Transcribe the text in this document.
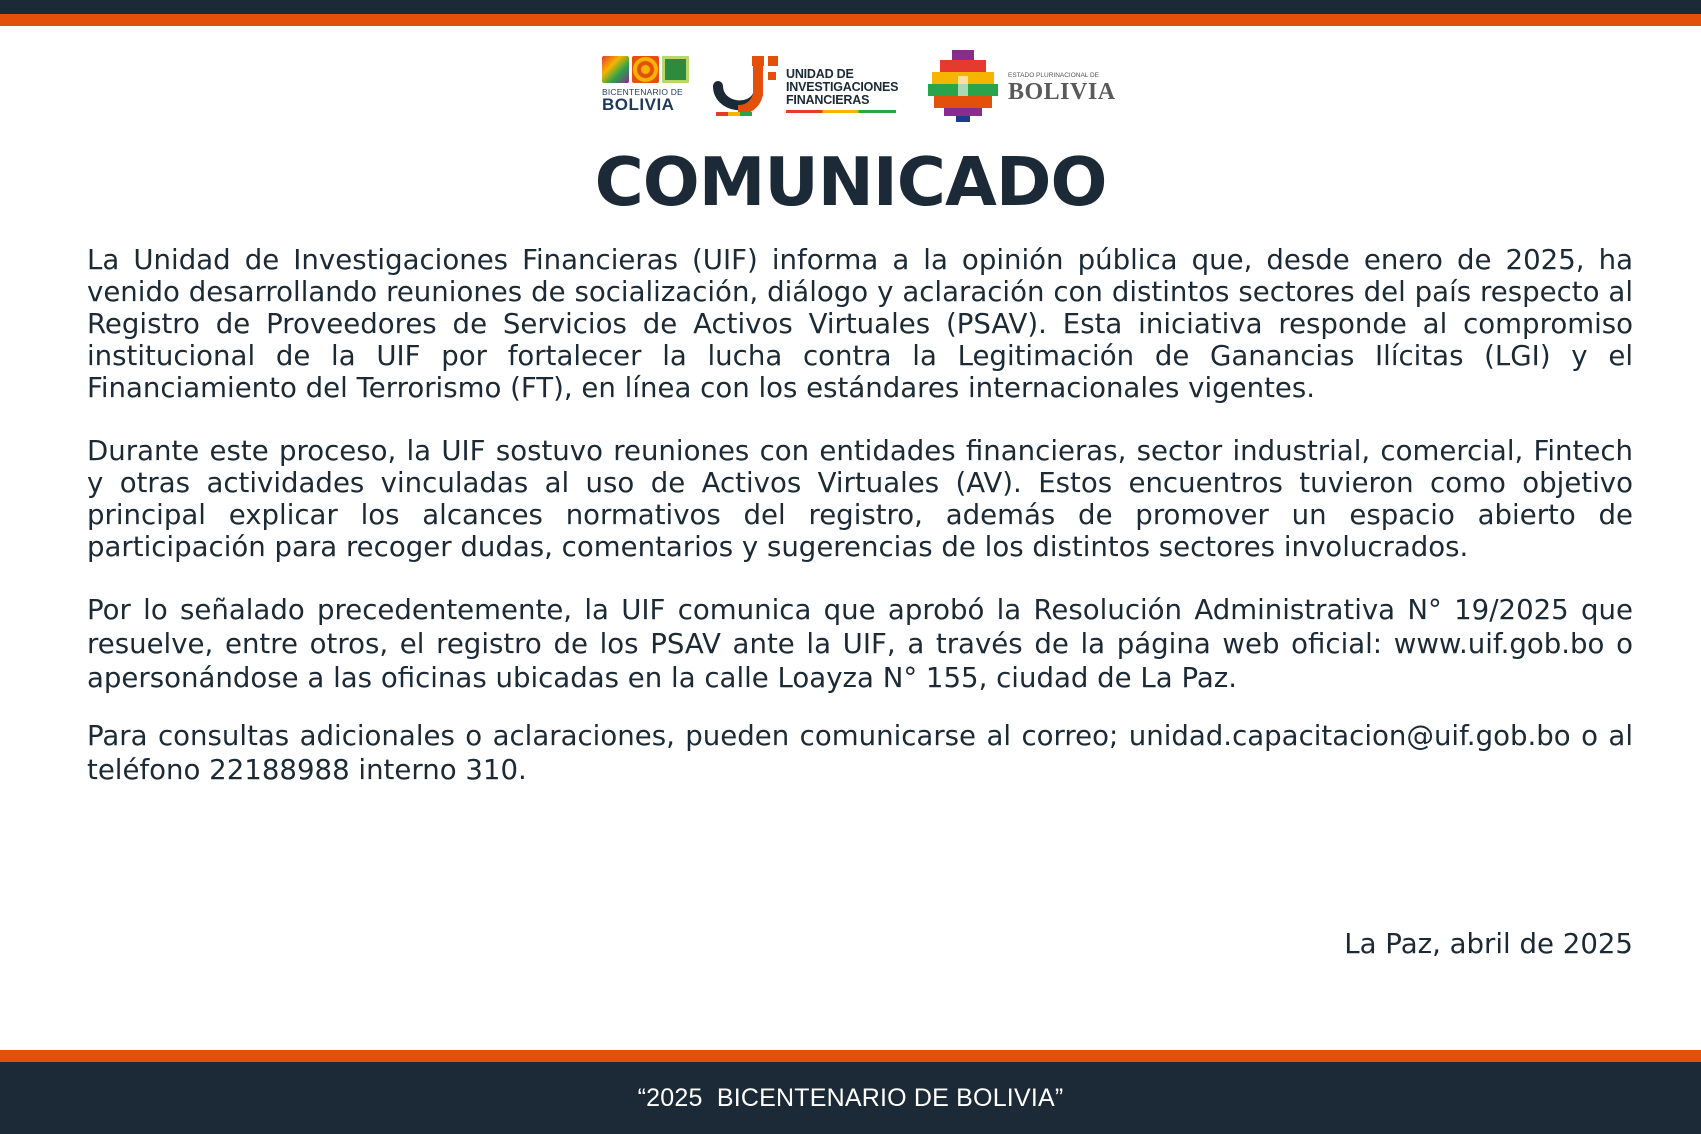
BICENTENARIO DE
BOLIVIA
UNIDAD DE
INVESTIGACIONES
FINANCIERAS
ESTADO PLURINACIONAL DE
BOLIVIA
COMUNICADO

La Unidad de Investigaciones Financieras (UIF) informa a la opinión pública que, desde enero de 2025, ha venido desarrollando reuniones de socialización, diálogo y aclaración con distintos sectores del país respecto al Registro de Proveedores de Servicios de Activos Virtuales (PSAV). Esta iniciativa responde al compromiso institucional de la UIF por fortalecer la lucha contra la Legitimación de Ganancias Ilícitas (LGI) y el Financiamiento del Terrorismo (FT), en línea con los estándares internacionales vigentes.

Durante este proceso, la UIF sostuvo reuniones con entidades financieras, sector industrial, comercial, Fintech y otras actividades vinculadas al uso de Activos Virtuales (AV). Estos encuentros tuvieron como objetivo principal explicar los alcances normativos del registro, además de promover un espacio abierto de participación para recoger dudas, comentarios y sugerencias de los distintos sectores involucrados.

Por lo señalado precedentemente, la UIF comunica que aprobó la Resolución Administrativa N° 19/2025 que resuelve, entre otros, el registro de los PSAV ante la UIF, a través de la página web oficial: www.uif.gob.bo o apersonándose a las oficinas ubicadas en la calle Loayza N° 155, ciudad de La Paz.

Para consultas adicionales o aclaraciones, pueden comunicarse al correo; unidad.capacitacion@uif.gob.bo o al teléfono 22188988 interno 310.

La Paz, abril de 2025
“2025  BICENTENARIO DE BOLIVIA”
